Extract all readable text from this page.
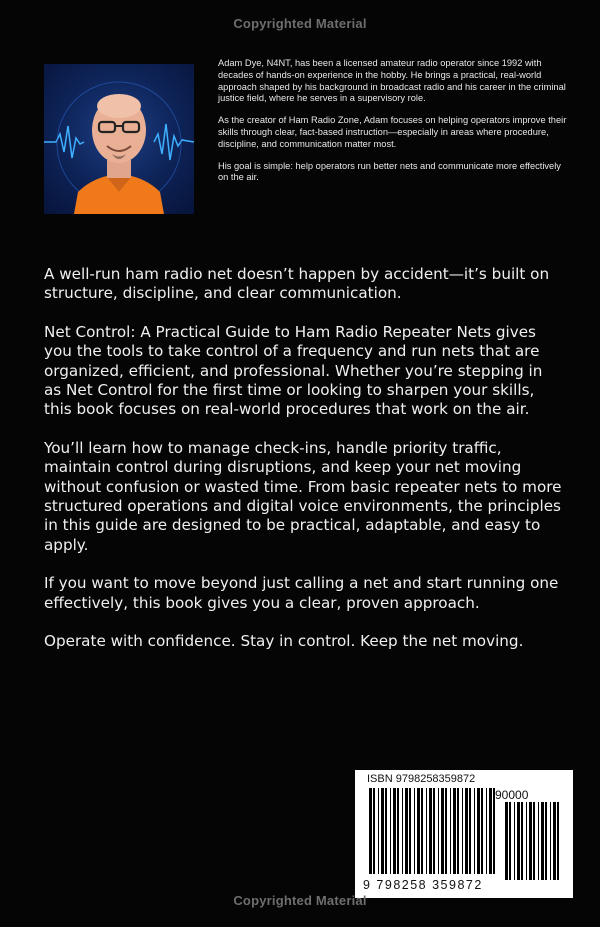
Copyrighted Material

Adam Dye, N4NT, has been a licensed amateur radio operator since 1992 with decades of hands-on experience in the hobby. He brings a practical, real-world approach shaped by his background in broadcast radio and his career in the criminal justice field, where he serves in a supervisory role.

As the creator of Ham Radio Zone, Adam focuses on helping operators improve their skills through clear, fact-based instruction—especially in areas where procedure, discipline, and communication matter most.

His goal is simple: help operators run better nets and communicate more effectively on the air.

A well-run ham radio net doesn’t happen by accident—it’s built on structure, discipline, and clear communication.

Net Control: A Practical Guide to Ham Radio Repeater Nets gives you the tools to take control of a frequency and run nets that are organized, efficient, and professional. Whether you’re stepping in as Net Control for the first time or looking to sharpen your skills, this book focuses on real-world procedures that work on the air.

You’ll learn how to manage check-ins, handle priority traffic, maintain control during disruptions, and keep your net moving without confusion or wasted time. From basic repeater nets to more structured operations and digital voice environments, the principles in this guide are designed to be practical, adaptable, and easy to apply.

If you want to move beyond just calling a net and start running one effectively, this book gives you a clear, proven approach.

Operate with confidence. Stay in control. Keep the net moving.

ISBN 9798258359872
90000
9 798258 359872
Copyrighted Material
